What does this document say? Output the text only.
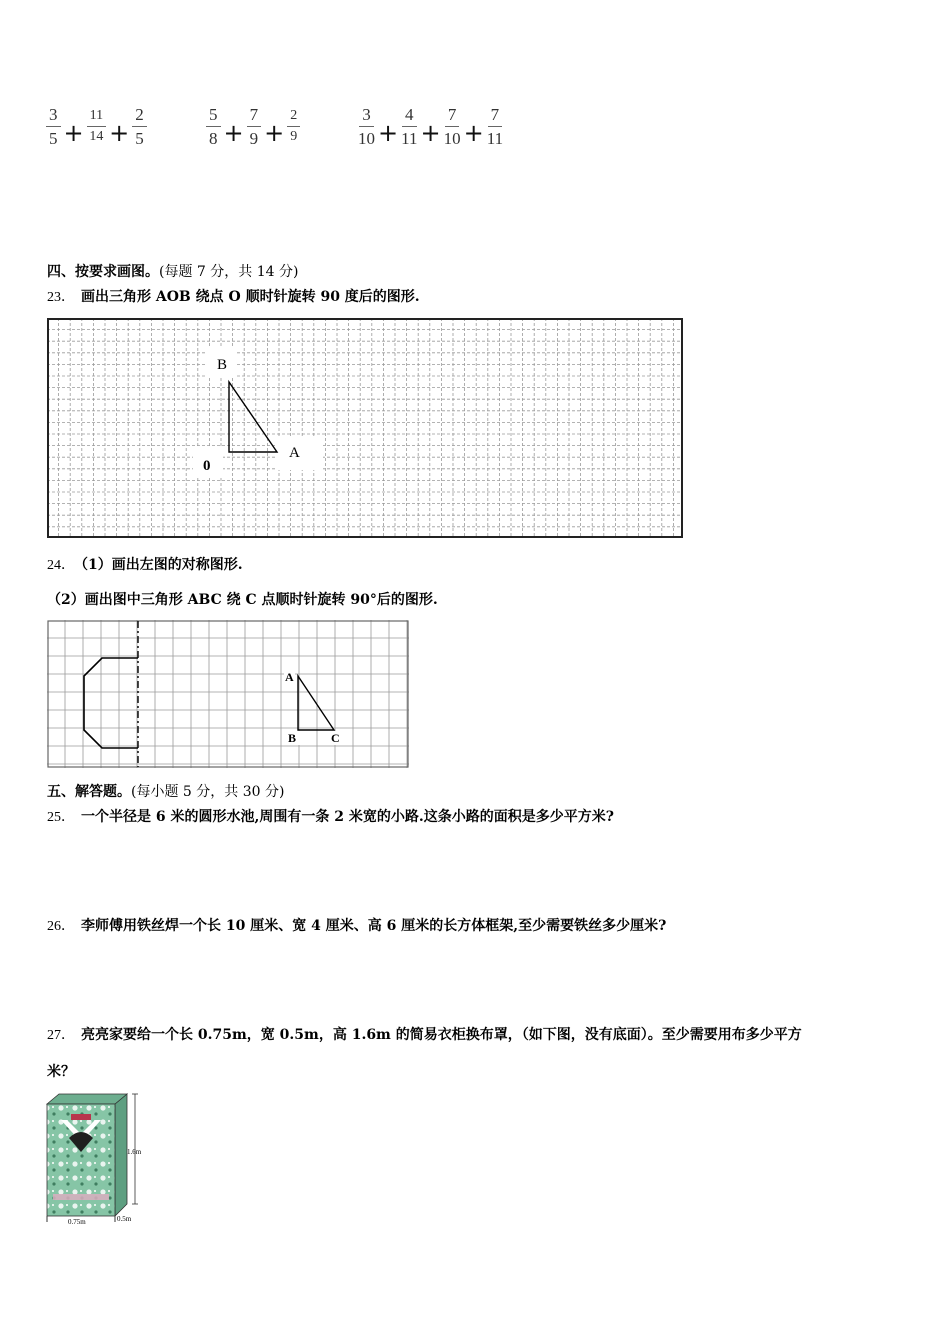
$\frac{3}{5} + \frac{11}{14} + \frac{2}{5}$	$\frac{5}{8} + \frac{7}{9} + \frac{2}{9}$	$\frac{3}{10} + \frac{4}{11} + \frac{7}{10} + \frac{7}{11}$
四、按要求画图。(每题 7 分，共 14 分)
23． 画出三角形 AOB 绕点 O 顺时针旋转 90 度后的图形.
B
A
0
24． （1）画出左图的对称图形.
（2）画出图中三角形 ABC 绕 C 点顺时针旋转 90°后的图形.
A
B	C
五、解答题。(每小题 5 分，共 30 分)
25． 一个半径是 6 米的圆形水池,周围有一条 2 米宽的小路.这条小路的面积是多少平方米?
26． 李师傅用铁丝焊一个长 10 厘米、宽 4 厘米、高 6 厘米的长方体框架,至少需要铁丝多少厘米?
27． 亮亮家要给一个长 0.75m，宽 0.5m，高 1.6m 的简易衣柜换布罩，（如下图，没有底面）。至少需要用布多少平方
米？
1.6m
0.75m	0.5m
